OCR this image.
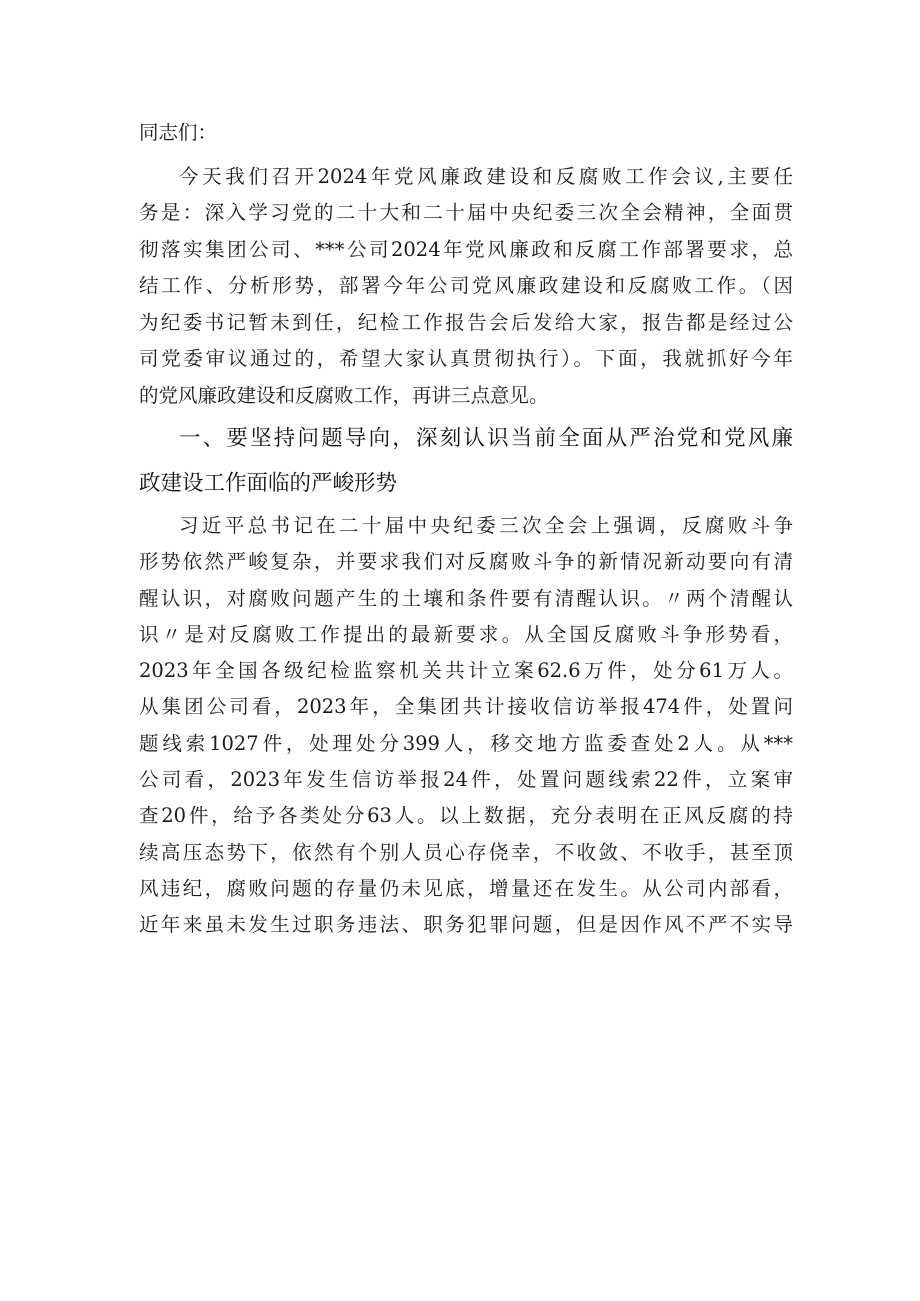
同志们：
今天我们召开2024年党风廉政建设和反腐败工作会议,主要任
务是：深入学习党的二十大和二十届中央纪委三次全会精神，全面贯
彻落实集团公司、***公司2024年党风廉政和反腐工作部署要求，总
结工作、分析形势，部署今年公司党风廉政建设和反腐败工作。（因
为纪委书记暂未到任，纪检工作报告会后发给大家，报告都是经过公
司党委审议通过的，希望大家认真贯彻执行）。下面，我就抓好今年
的党风廉政建设和反腐败工作，再讲三点意见。
一、要坚持问题导向，深刻认识当前全面从严治党和党风廉
政建设工作面临的严峻形势
习近平总书记在二十届中央纪委三次全会上强调，反腐败斗争
形势依然严峻复杂，并要求我们对反腐败斗争的新情况新动要向有清
醒认识，对腐败问题产生的土壤和条件要有清醒认识。〃两个清醒认
识〃是对反腐败工作提出的最新要求。从全国反腐败斗争形势看，
2023年全国各级纪检监察机关共计立案62.6万件，处分61万人。
从集团公司看，2023年，全集团共计接收信访举报474件，处置问
题线索1027件，处理处分399人，移交地方监委查处2人。从***
公司看，2023年发生信访举报24件，处置问题线索22件，立案审
查20件，给予各类处分63人。以上数据，充分表明在正风反腐的持
续高压态势下，依然有个别人员心存侥幸，不收敛、不收手，甚至顶
风违纪，腐败问题的存量仍未见底，增量还在发生。从公司内部看，
近年来虽未发生过职务违法、职务犯罪问题，但是因作风不严不实导
